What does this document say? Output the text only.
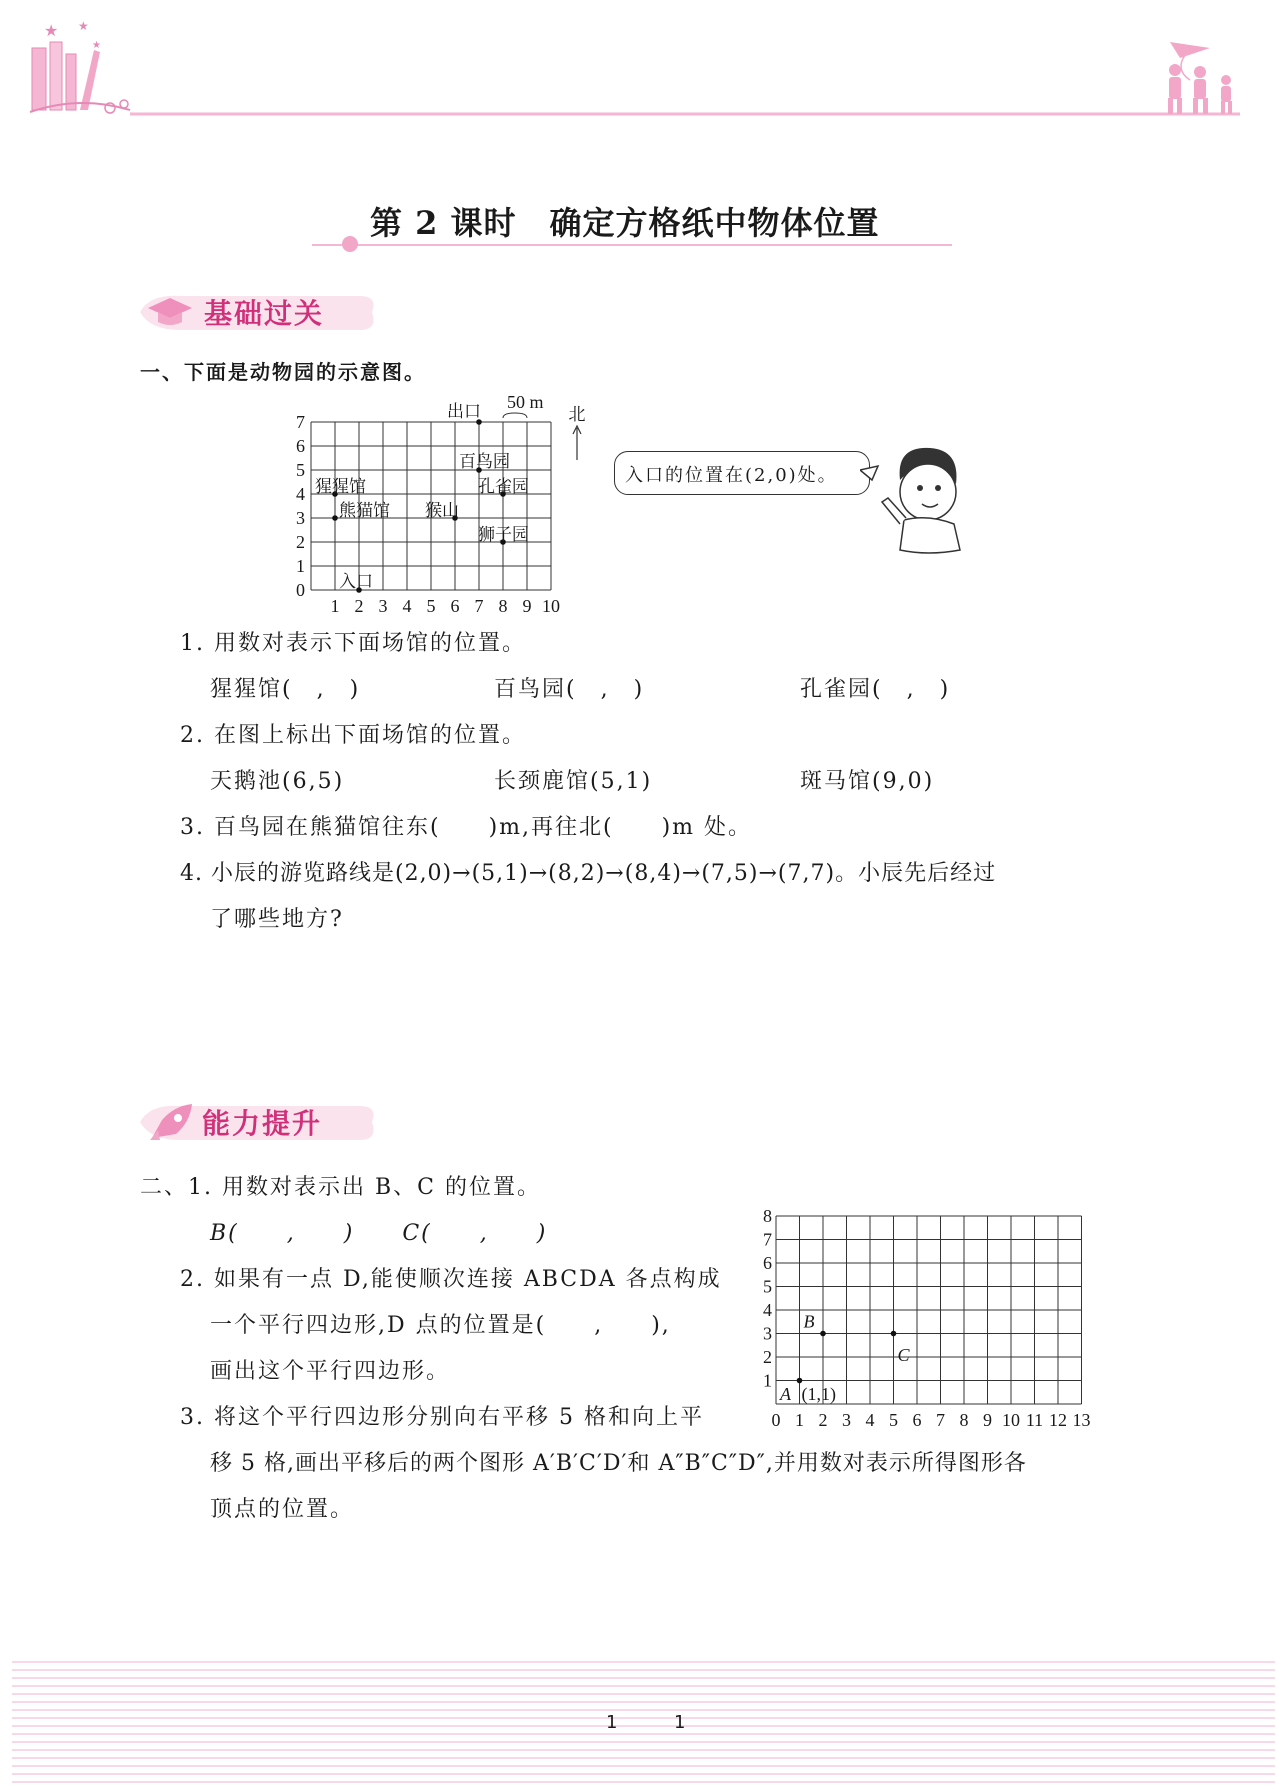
★ ★
★
第 2 课时　确定方格纸中物体位置
基础过关
一、下面是动物园的示意图。
1 2 3 4 5 6 7 8 9 10
0
1
2
3
4
5
6
7
猩猩馆
熊猫馆 猴山
百鸟园
孔雀园
狮子园
入口
出口 50 m
北
入口的位置在(2,0)处。
1. 用数对表示下面场馆的位置。
猩猩馆(　,　)	百鸟园(　,　)	孔雀园(　,　)
2. 在图上标出下面场馆的位置。
天鹅池(6,5)	长颈鹿馆(5,1)	斑马馆(9,0)
3. 百鸟园在熊猫馆往东(　　)m,再往北(　　)m 处。
4. 小辰的游览路线是(2,0)→(5,1)→(8,2)→(8,4)→(7,5)→(7,7)。小辰先后经过
了哪些地方?
能力提升
二、1. 用数对表示出 B、C 的位置。
B(　　,　　)　　C(　　,　　)
2. 如果有一点 D,能使顺次连接 ABCDA 各点构成
一个平行四边形,D 点的位置是(　　,　　),
画出这个平行四边形。
3. 将这个平行四边形分别向右平移 5 格和向上平
移 5 格,画出平移后的两个图形 A′B′C′D′和 A″B″C″D″,并用数对表示所得图形各
顶点的位置。
0 1 2 3 4 5 6 7 8 9 10 11 12 13
1
2
3
4
5
6
7
8
A (1,1)
B
C
1	1
